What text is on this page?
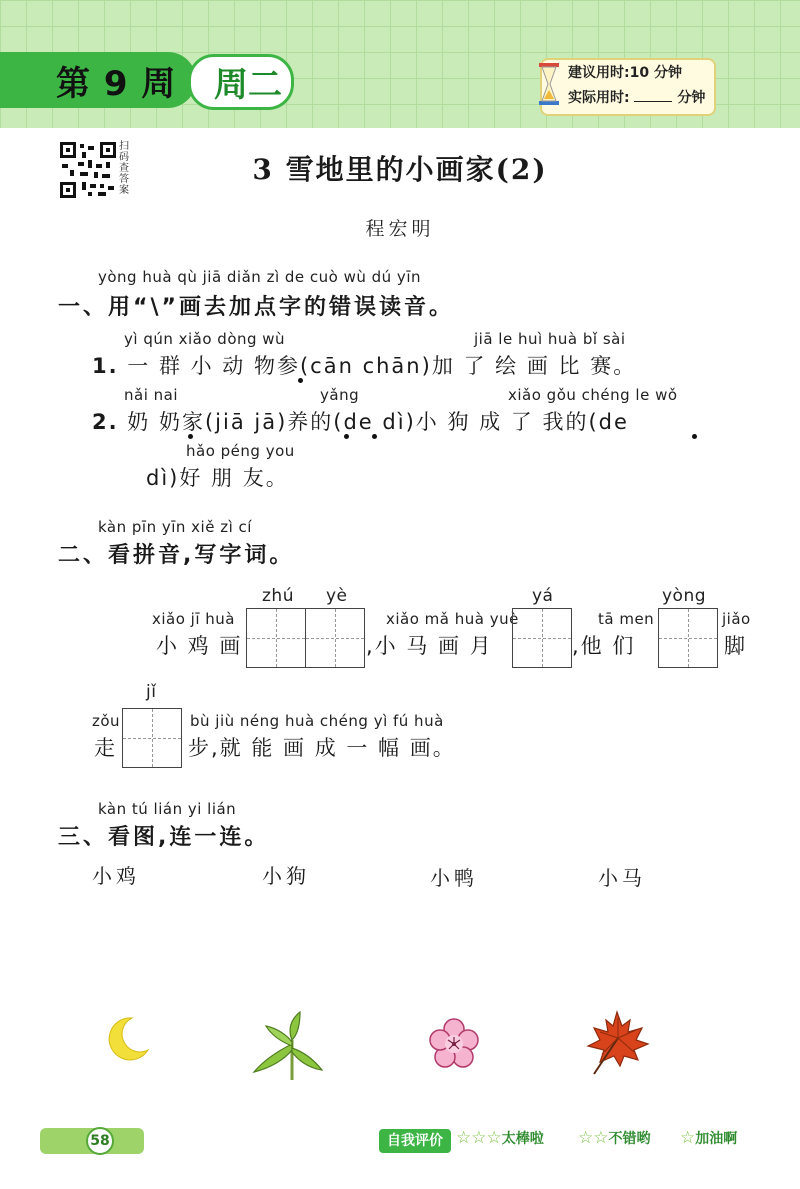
第 9 周 周二	建议用时:10 分钟
实际用时:	分钟
扫码查答案
3 雪地里的小画家(2)
程宏明
yòng huà qù jiā diǎn zì de cuò wù dú yīn
一、用“\”画去加点字的错误读音。
yì qún xiǎo dòng wù	jiā le huì huà bǐ sài
1. 一 群 小 动 物参(cān chān)加 了 绘 画 比 赛。
nǎi nai	yǎng	xiǎo gǒu chéng le wǒ
2. 奶 奶家(jiā jā)养的(de dì)小 狗 成 了 我的(de
hǎo péng you
dì)好 朋 友。
kàn pīn yīn xiě zì cí
二、看拼音,写字词。
xiǎo jī huà
小 鸡 画
zhú yè
xiǎo mǎ huà yuè
,小 马 画 月
yá
tā men
,他 们
yòng
jiǎo
脚
jǐ
zǒu
走
bù jiù néng huà chéng yì fú huà
步,就 能 画 成 一 幅 画。
kàn tú lián yi lián
三、看图,连一连。
小鸡	小狗	小鸭	小马
58	自我评价 ☆☆☆太棒啦 ☆☆不错哟 ☆加油啊
